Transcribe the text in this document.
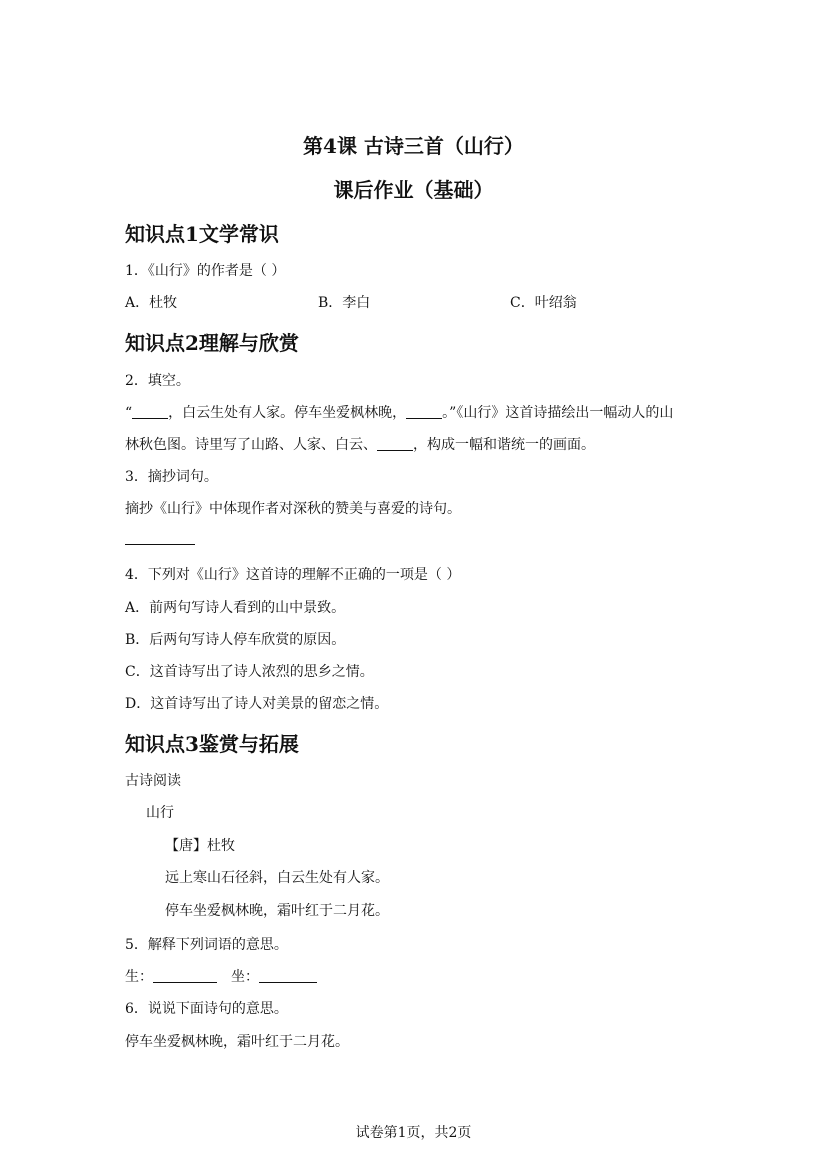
第4课 古诗三首（山行）
课后作业（基础）
知识点1文学常识
1．《山行》的作者是（ ）
A．杜牧	B．李白	C．叶绍翁
知识点2理解与欣赏
2．填空。
“	，白云生处有人家。停车坐爱枫林晚，	。”《山行》这首诗描绘出一幅动人的山
林秋色图。诗里写了山路、人家、白云、	，构成一幅和谐统一的画面。
3．摘抄词句。
摘抄《山行》中体现作者对深秋的赞美与喜爱的诗句。
4．下列对《山行》这首诗的理解不正确的一项是（ ）
A．前两句写诗人看到的山中景致。
B．后两句写诗人停车欣赏的原因。
C．这首诗写出了诗人浓烈的思乡之情。
D．这首诗写出了诗人对美景的留恋之情。
知识点3鉴赏与拓展
古诗阅读
山行
【唐】杜牧
远上寒山石径斜，白云生处有人家。
停车坐爱枫林晚，霜叶红于二月花。
5．解释下列词语的意思。
生：	坐：
6．说说下面诗句的意思。
停车坐爱枫林晚，霜叶红于二月花。
试卷第1页，共2页
